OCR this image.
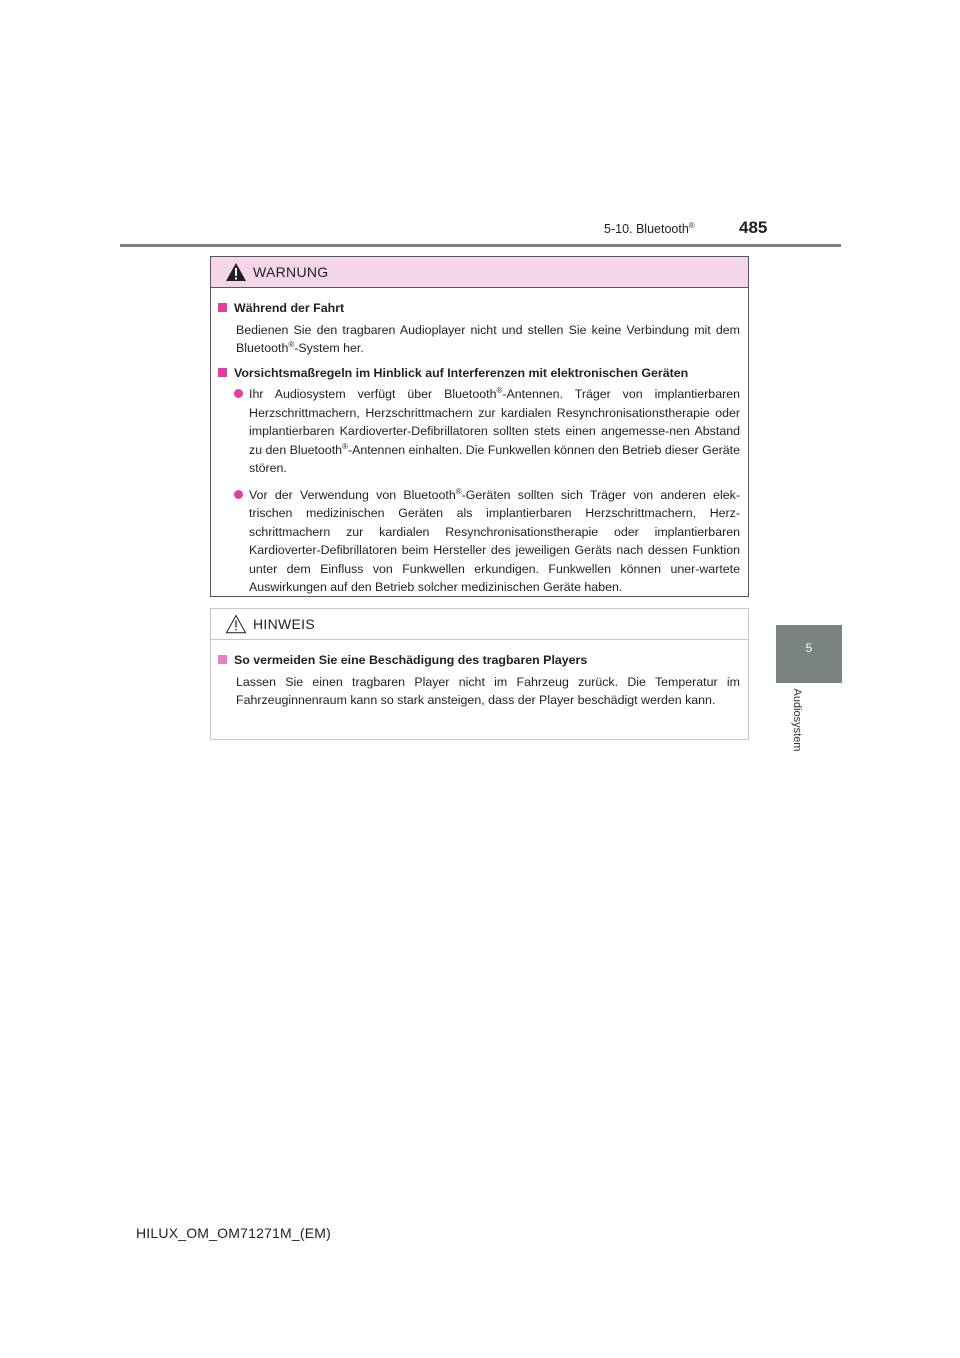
5-10. Bluetooth®	485
5
Audiosystem
WARNUNG
Während der Fahrt
Bedienen Sie den tragbaren Audioplayer nicht und stellen Sie keine Verbindung mit dem Bluetooth®-System her.
Vorsichtsmaßregeln im Hinblick auf Interferenzen mit elektronischen Geräten
Ihr Audiosystem verfügt über Bluetooth®-Antennen. Träger von implantierbaren Herzschrittmachern, Herzschrittmachern zur kardialen Resynchronisationstherapie oder implantierbaren Kardioverter-Defibrillatoren sollten stets einen angemesse-nen Abstand zu den Bluetooth®-Antennen einhalten. Die Funkwellen können den Betrieb dieser Geräte stören.
Vor der Verwendung von Bluetooth®-Geräten sollten sich Träger von anderen elek-trischen medizinischen Geräten als implantierbaren Herzschrittmachern, Herz-schrittmachern zur kardialen Resynchronisationstherapie oder implantierbaren Kardioverter-Defibrillatoren beim Hersteller des jeweiligen Geräts nach dessen Funktion unter dem Einfluss von Funkwellen erkundigen. Funkwellen können uner-wartete Auswirkungen auf den Betrieb solcher medizinischen Geräte haben.
HINWEIS
So vermeiden Sie eine Beschädigung des tragbaren Players
Lassen Sie einen tragbaren Player nicht im Fahrzeug zurück. Die Temperatur im Fahrzeuginnenraum kann so stark ansteigen, dass der Player beschädigt werden kann.
HILUX_OM_OM71271M_(EM)
